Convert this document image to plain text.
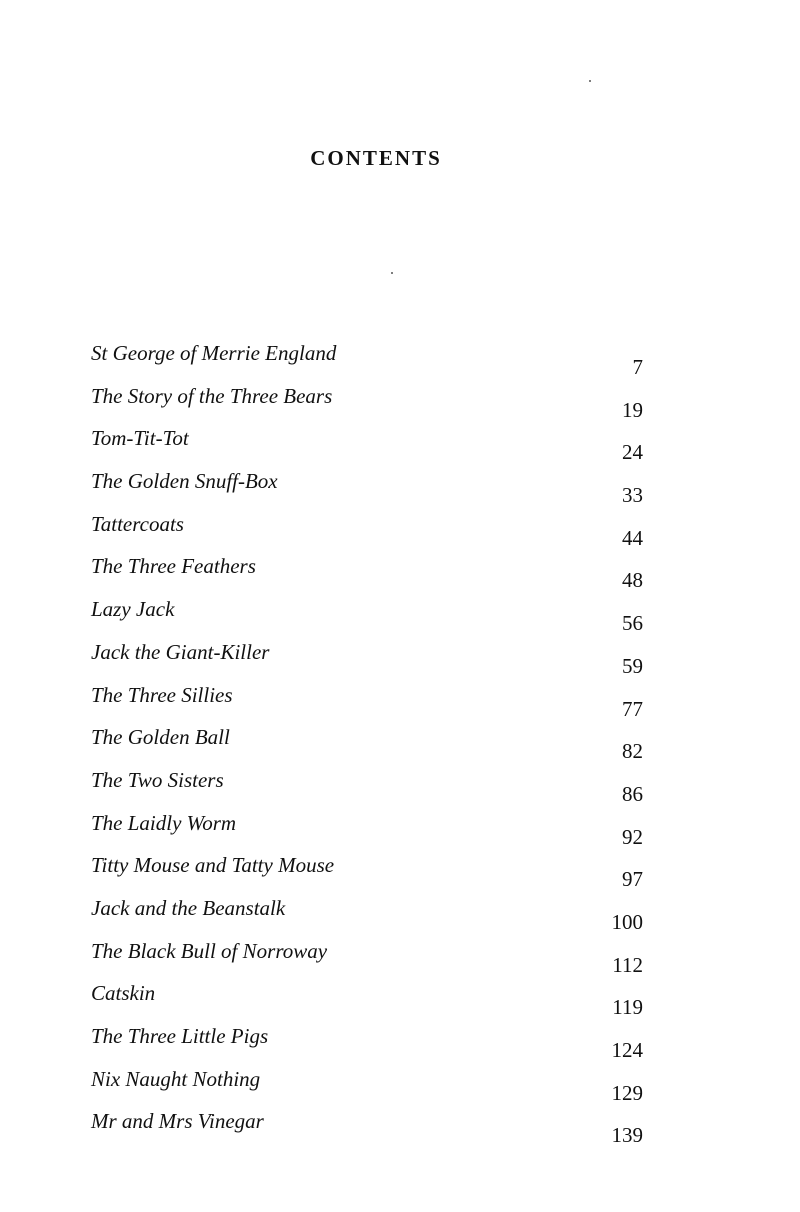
CONTENTS
St George of Merrie England
7
The Story of the Three Bears
19
Tom-Tit-Tot
24
The Golden Snuff-Box
33
Tattercoats
44
The Three Feathers
48
Lazy Jack
56
Jack the Giant-Killer
59
The Three Sillies
77
The Golden Ball
82
The Two Sisters
86
The Laidly Worm
92
Titty Mouse and Tatty Mouse
97
Jack and the Beanstalk
100
The Black Bull of Norroway
112
Catskin
119
The Three Little Pigs
124
Nix Naught Nothing
129
Mr and Mrs Vinegar
139
